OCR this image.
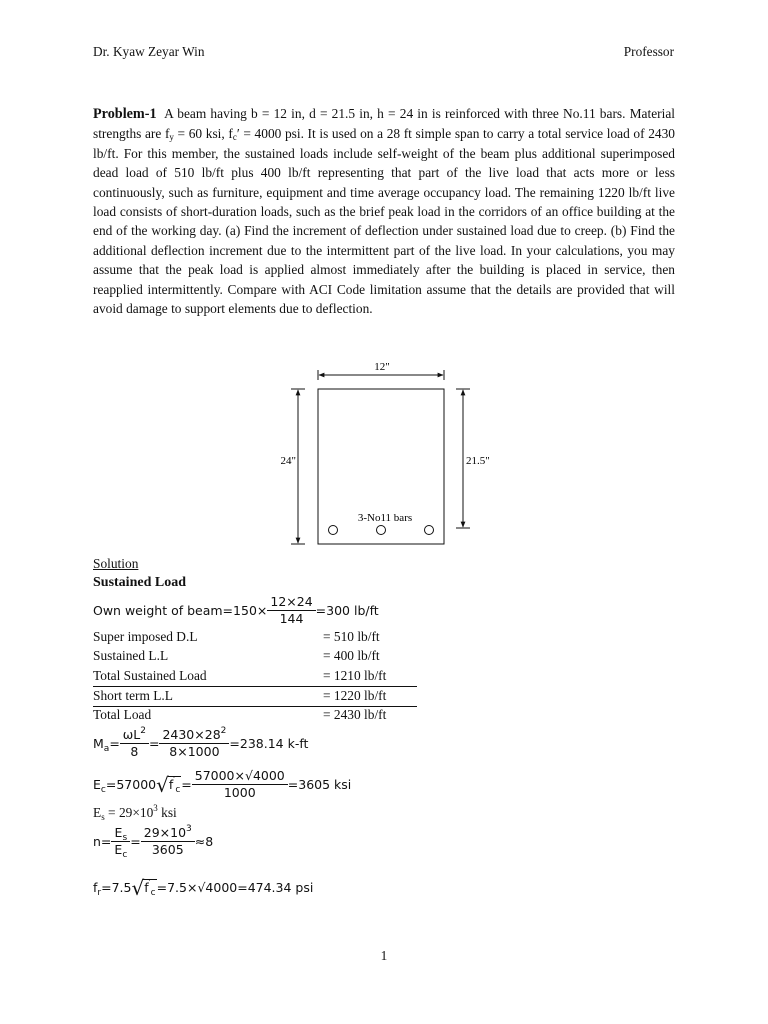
Dr. Kyaw Zeyar Win	Professor
Problem-1 A beam having b = 12 in, d = 21.5 in, h = 24 in is reinforced with three No.11 bars. Material strengths are $f_y = 60$ ksi, $f_c' = 4000$ psi. It is used on a 28 ft simple span to carry a total service load of 2430 lb/ft. For this member, the sustained loads include self-weight of the beam plus additional superimposed dead load of 510 lb/ft plus 400 lb/ft representing that part of the live load that acts more or less continuously, such as furniture, equipment and time average occupancy load. The remaining 1220 lb/ft live load consists of short-duration loads, such as the brief peak load in the corridors of an office building at the end of the working day. (a) Find the increment of deflection under sustained load due to creep. (b) Find the additional deflection increment due to the intermittent part of the live load. In your calculations, you may assume that the peak load is applied almost immediately after the building is placed in service, then reapplied intermittently. Compare with ACI Code limitation assume that the details are provided that will avoid damage to support elements due to deflection.
12"
24"	21.5"
3-No11 bars
Solution
Sustained Load
Own weight of beam=150× $\frac{12\times 24}{144} =300$ lb/ft
Super imposed D.L	= 510 lb/ft
Sustained L.L	= 400 lb/ft
Total Sustained Load	= 1210 lb/ft
Short term L.L	= 1220 lb/ft
Total Load	= 2430 lb/ft
$M_a= \frac{\omega L^2}{8} = \frac{2430\times 28^2}{8\times 1000} =238.14$ k-ft
$E_c=57000√f'_c= \frac{57000\times√4000}{1000} =3605$ ksi
$E_s = 29\times 10^3$ ksi
$n= \frac{E_s}{E_c} = \frac{29\times 10^3}{3605} \approx 8$
$f_r=7.5√f'_c=7.5\times√4000=474.34$ psi
1
